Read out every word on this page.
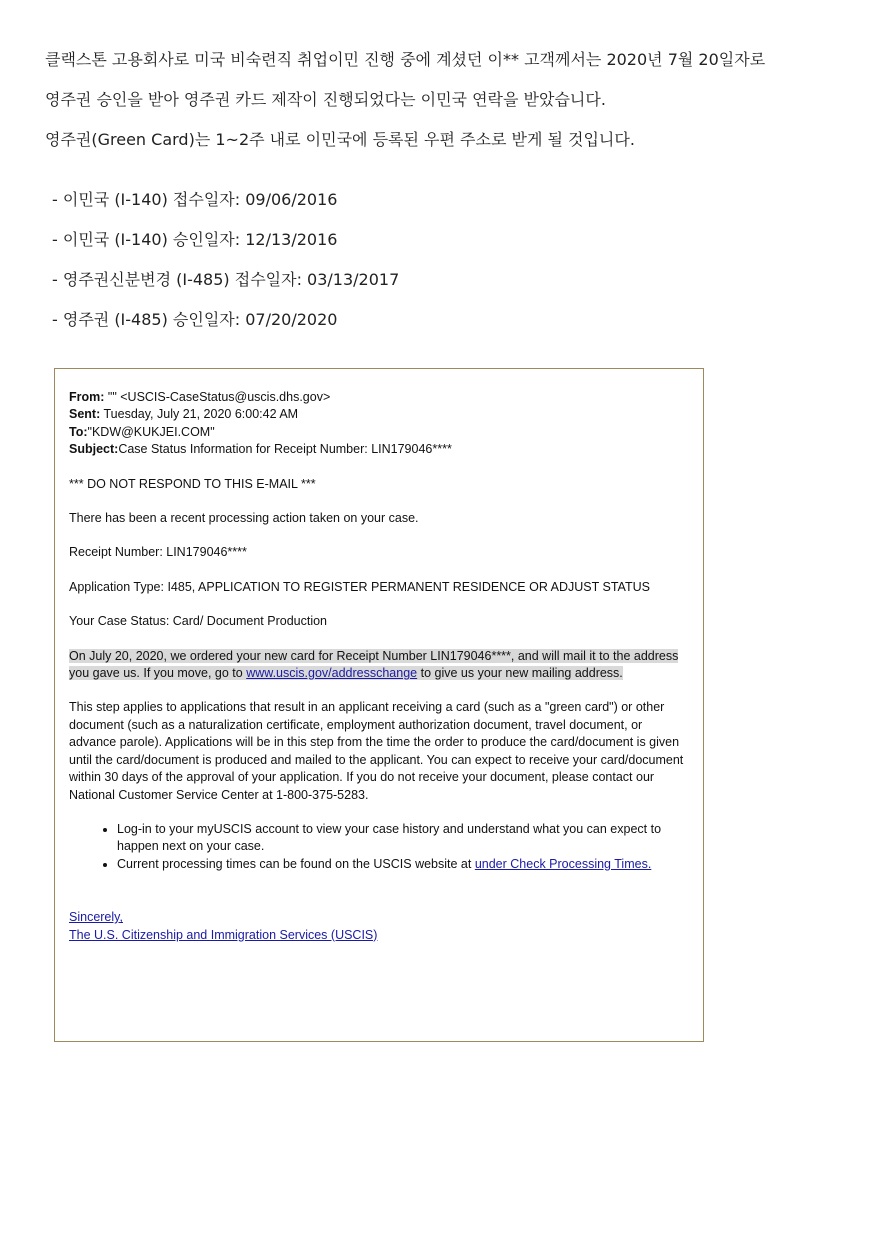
클랙스톤 고용회사로 미국 비숙련직 취업이민 진행 중에 계셨던 이** 고객께서는 2020년 7월 20일자로

영주권 승인을 받아 영주권 카드 제작이 진행되었다는 이민국 연락을 받았습니다.

영주권(Green Card)는 1~2주 내로 이민국에 등록된 우편 주소로 받게 될 것입니다.

- 이민국 (I-140) 접수일자: 09/06/2016
- 이민국 (I-140) 승인일자: 12/13/2016
- 영주권신분변경 (I-485) 접수일자: 03/13/2017
- 영주권 (I-485) 승인일자: 07/20/2020
From: "" <USCIS-CaseStatus@uscis.dhs.gov>
Sent: Tuesday, July 21, 2020 6:00:42 AM
To:"KDW@KUKJEI.COM"
Subject:Case Status Information for Receipt Number: LIN179046****

*** DO NOT RESPOND TO THIS E-MAIL ***

There has been a recent processing action taken on your case.

Receipt Number: LIN179046****

Application Type: I485, APPLICATION TO REGISTER PERMANENT RESIDENCE OR ADJUST STATUS

Your Case Status: Card/ Document Production

On July 20, 2020, we ordered your new card for Receipt Number LIN179046****, and will mail it to the address you gave us. If you move, go to www.uscis.gov/addresschange to give us your new mailing address.

This step applies to applications that result in an applicant receiving a card (such as a "green card") or other document (such as a naturalization certificate, employment authorization document, travel document, or advance parole). Applications will be in this step from the time the order to produce the card/document is given until the card/document is produced and mailed to the applicant. You can expect to receive your card/document within 30 days of the approval of your application. If you do not receive your document, please contact our National Customer Service Center at 1-800-375-5283.

• Log-in to your myUSCIS account to view your case history and understand what you can expect to happen next on your case.
• Current processing times can be found on the USCIS website at under Check Processing Times.
Sincerely,
The U.S. Citizenship and Immigration Services (USCIS)
